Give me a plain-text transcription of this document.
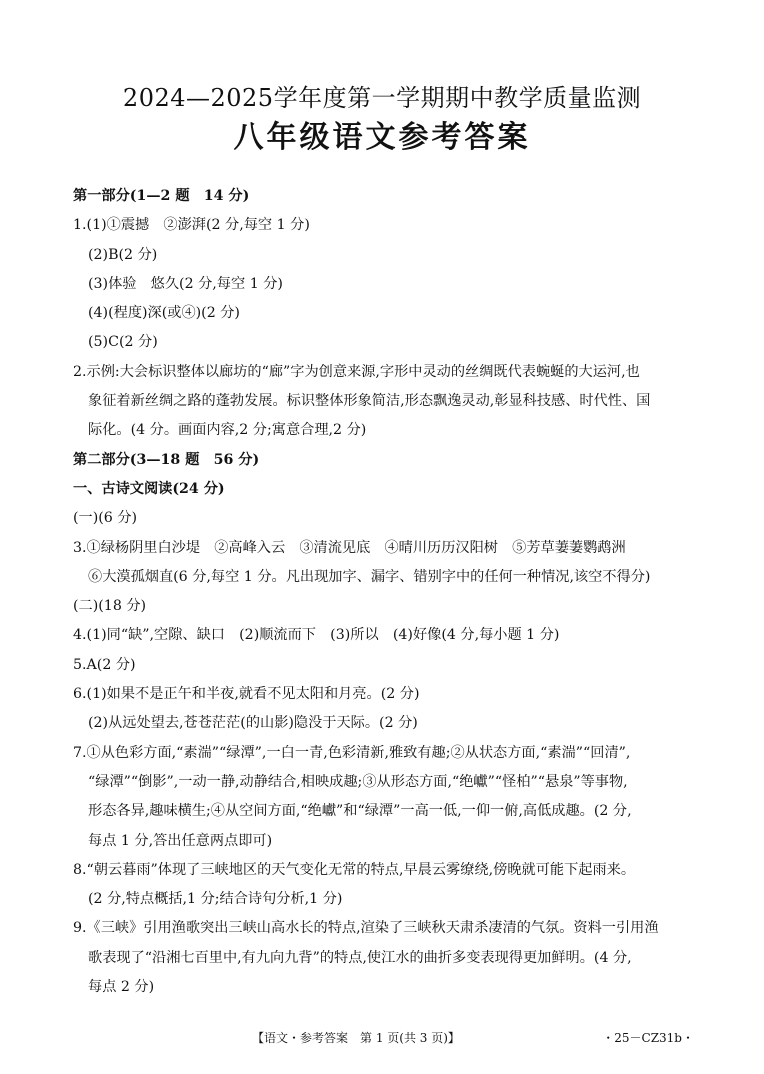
2024—2025学年度第一学期期中教学质量监测
八年级语文参考答案
第一部分(1—2 题　14 分)
1.(1)①震撼　②澎湃(2 分,每空 1 分)
(2)B(2 分)
(3)体验　悠久(2 分,每空 1 分)
(4)(程度)深(或④)(2 分)
(5)C(2 分)
2.示例:大会标识整体以廊坊的“廊”字为创意来源,字形中灵动的丝绸既代表蜿蜒的大运河,也
象征着新丝绸之路的蓬勃发展。标识整体形象简洁,形态飘逸灵动,彰显科技感、时代性、国
际化。(4 分。画面内容,2 分;寓意合理,2 分)
第二部分(3—18 题　56 分)
一、古诗文阅读(24 分)
(一)(6 分)
3.①绿杨阴里白沙堤　②高峰入云　③清流见底　④晴川历历汉阳树　⑤芳草萋萋鹦鹉洲
⑥大漠孤烟直(6 分,每空 1 分。凡出现加字、漏字、错别字中的任何一种情况,该空不得分)
(二)(18 分)
4.(1)同“缺”,空隙、缺口　(2)顺流而下　(3)所以　(4)好像(4 分,每小题 1 分)
5.A(2 分)
6.(1)如果不是正午和半夜,就看不见太阳和月亮。(2 分)
(2)从远处望去,苍苍茫茫(的山影)隐没于天际。(2 分)
7.①从色彩方面,“素湍”“绿潭”,一白一青,色彩清新,雅致有趣;②从状态方面,“素湍”“回清”,
“绿潭”“倒影”,一动一静,动静结合,相映成趣;③从形态方面,“绝巘”“怪柏”“悬泉”等事物,
形态各异,趣味横生;④从空间方面,“绝巘”和“绿潭”一高一低,一仰一俯,高低成趣。(2 分,
每点 1 分,答出任意两点即可)
8.“朝云暮雨”体现了三峡地区的天气变化无常的特点,早晨云雾缭绕,傍晚就可能下起雨来。
(2 分,特点概括,1 分;结合诗句分析,1 分)
9.《三峡》引用渔歌突出三峡山高水长的特点,渲染了三峡秋天肃杀凄清的气氛。资料一引用渔
歌表现了“沿湘七百里中,有九向九背”的特点,使江水的曲折多变表现得更加鲜明。(4 分,
每点 2 分)
【语文・参考答案　第 1 页(共 3 页)】	・25－CZ31b・
